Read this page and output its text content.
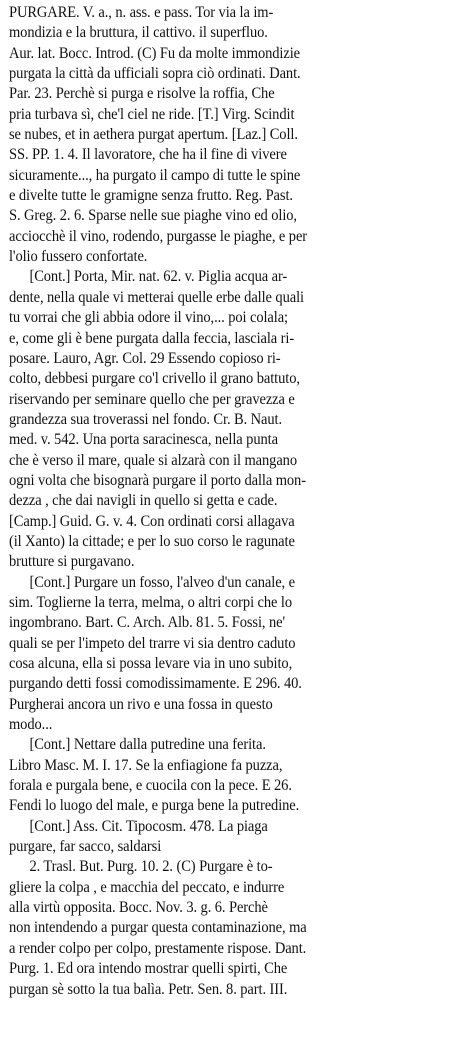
PURGARE. V. a., n. ass. e pass. Tor via la im-
mondizia e la bruttura, il cattivo. il superfluo.
Aur. lat. Bocc. Introd. (C) Fu da molte immondizie
purgata la città da ufficiali sopra ciò ordinati. Dant.
Par. 23. Perchè si purga e risolve la roffia, Che
pria turbava sì, che'l ciel ne ride. [T.] Virg. Scindit
se nubes, et in aethera purgat apertum. [Laz.] Coll.
SS. PP. 1. 4. Il lavoratore, che ha il fine di vivere
sicuramente..., ha purgato il campo di tutte le spine
e divelte tutte le gramigne senza frutto. Reg. Past.
S. Greg. 2. 6. Sparse nelle sue piaghe vino ed olio,
acciocchè il vino, rodendo, purgasse le piaghe, e per
l'olio fussero confortate.
[Cont.] Porta, Mir. nat. 62. v. Piglia acqua ar-
dente, nella quale vi metterai quelle erbe dalle quali
tu vorrai che gli abbia odore il vino,... poi colala;
e, come gli è bene purgata dalla feccia, lasciala ri-
posare. Lauro, Agr. Col. 29 Essendo copioso ri-
colto, debbesi purgare co'l crivello il grano battuto,
riservando per seminare quello che per gravezza e
grandezza sua troverassi nel fondo. Cr. B. Naut.
med. v. 542. Una porta saracinesca, nella punta
che è verso il mare, quale si alzarà con il mangano
ogni volta che bisognarà purgare il porto dalla mon-
dezza , che dai navigli in quello si getta e cade.
[Camp.] Guid. G. v. 4. Con ordinati corsi allagava
(il Xanto) la cittade; e per lo suo corso le ragunate
brutture si purgavano.
[Cont.] Purgare un fosso, l'alveo d'un canale, e
sim. Toglierne la terra, melma, o altri corpi che lo
ingombrano. Bart. C. Arch. Alb. 81. 5. Fossi, ne'
quali se per l'impeto del trarre vi sia dentro caduto
cosa alcuna, ella si possa levare via in uno subito,
purgando detti fossi comodissimamente. E 296. 40.
Purgherai ancora un rivo e una fossa in questo
modo...
[Cont.] Nettare dalla putredine una ferita.
Libro Masc. M. I. 17. Se la enfiagione fa puzza,
forala e purgala bene, e cuocila con la pece. E 26.
Fendi lo luogo del male, e purga bene la putredine.
[Cont.] Ass. Cit. Tipocosm. 478. La piaga
purgare, far sacco, saldarsi
2. Trasl. But. Purg. 10. 2. (C) Purgare è to-
gliere la colpa , e macchia del peccato, e indurre
alla virtù opposita. Bocc. Nov. 3. g. 6. Perchè
non intendendo a purgar questa contaminazione, ma
a render colpo per colpo, prestamente rispose. Dant.
Purg. 1. Ed ora intendo mostrar quelli spirti, Che
purgan sè sotto la tua balìa. Petr. Sen. 8. part. III.
